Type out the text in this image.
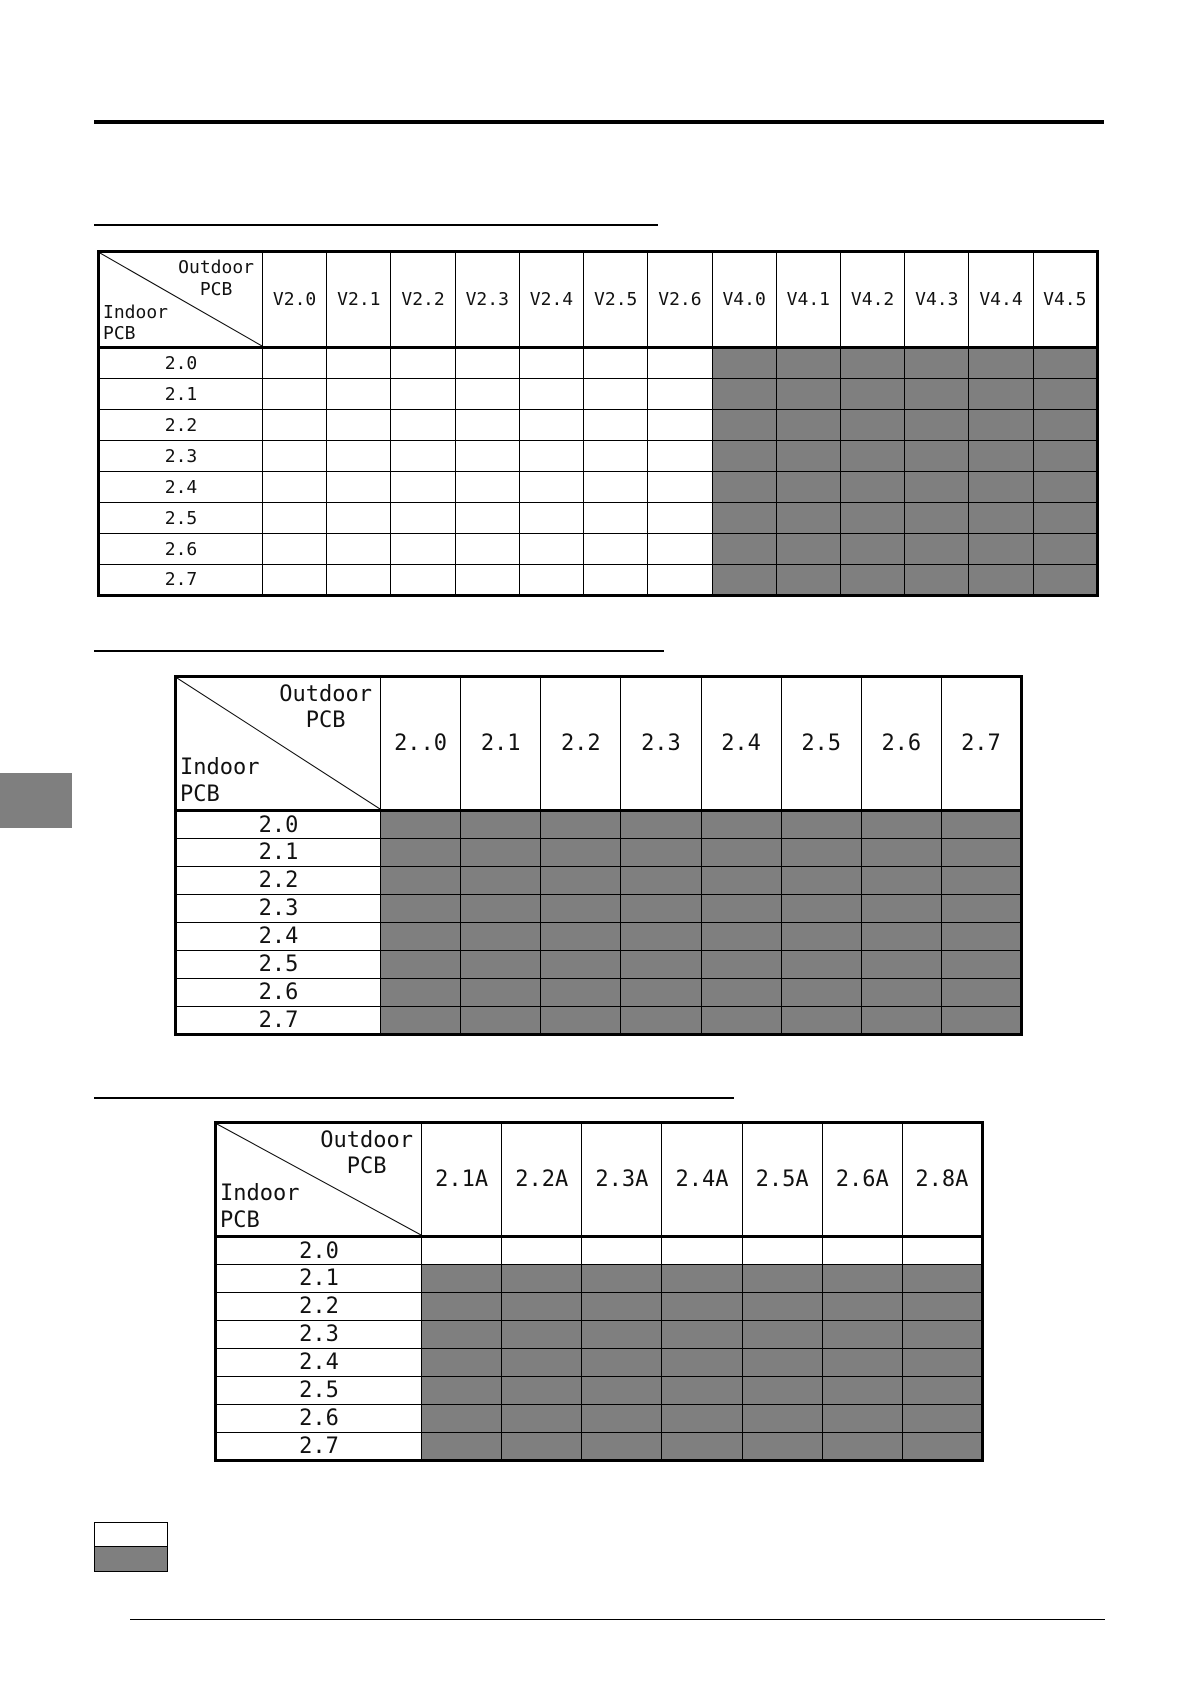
Outdoor
PCB
Indoor
PCB	V2.0	V2.1	V2.2	V2.3	V2.4	V2.5	V2.6	V4.0	V4.1	V4.2	V4.3	V4.4	V4.5
2.0													
2.1													
2.2													
2.3													
2.4													
2.5													
2.6													
2.7													
Outdoor
PCB
Indoor
PCB	2..0	2.1	2.2	2.3	2.4	2.5	2.6	2.7
2.0								
2.1								
2.2								
2.3								
2.4								
2.5								
2.6								
2.7								
Outdoor
PCB
Indoor
PCB	2.1A	2.2A	2.3A	2.4A	2.5A	2.6A	2.8A
2.0							
2.1							
2.2							
2.3							
2.4							
2.5							
2.6							
2.7							
